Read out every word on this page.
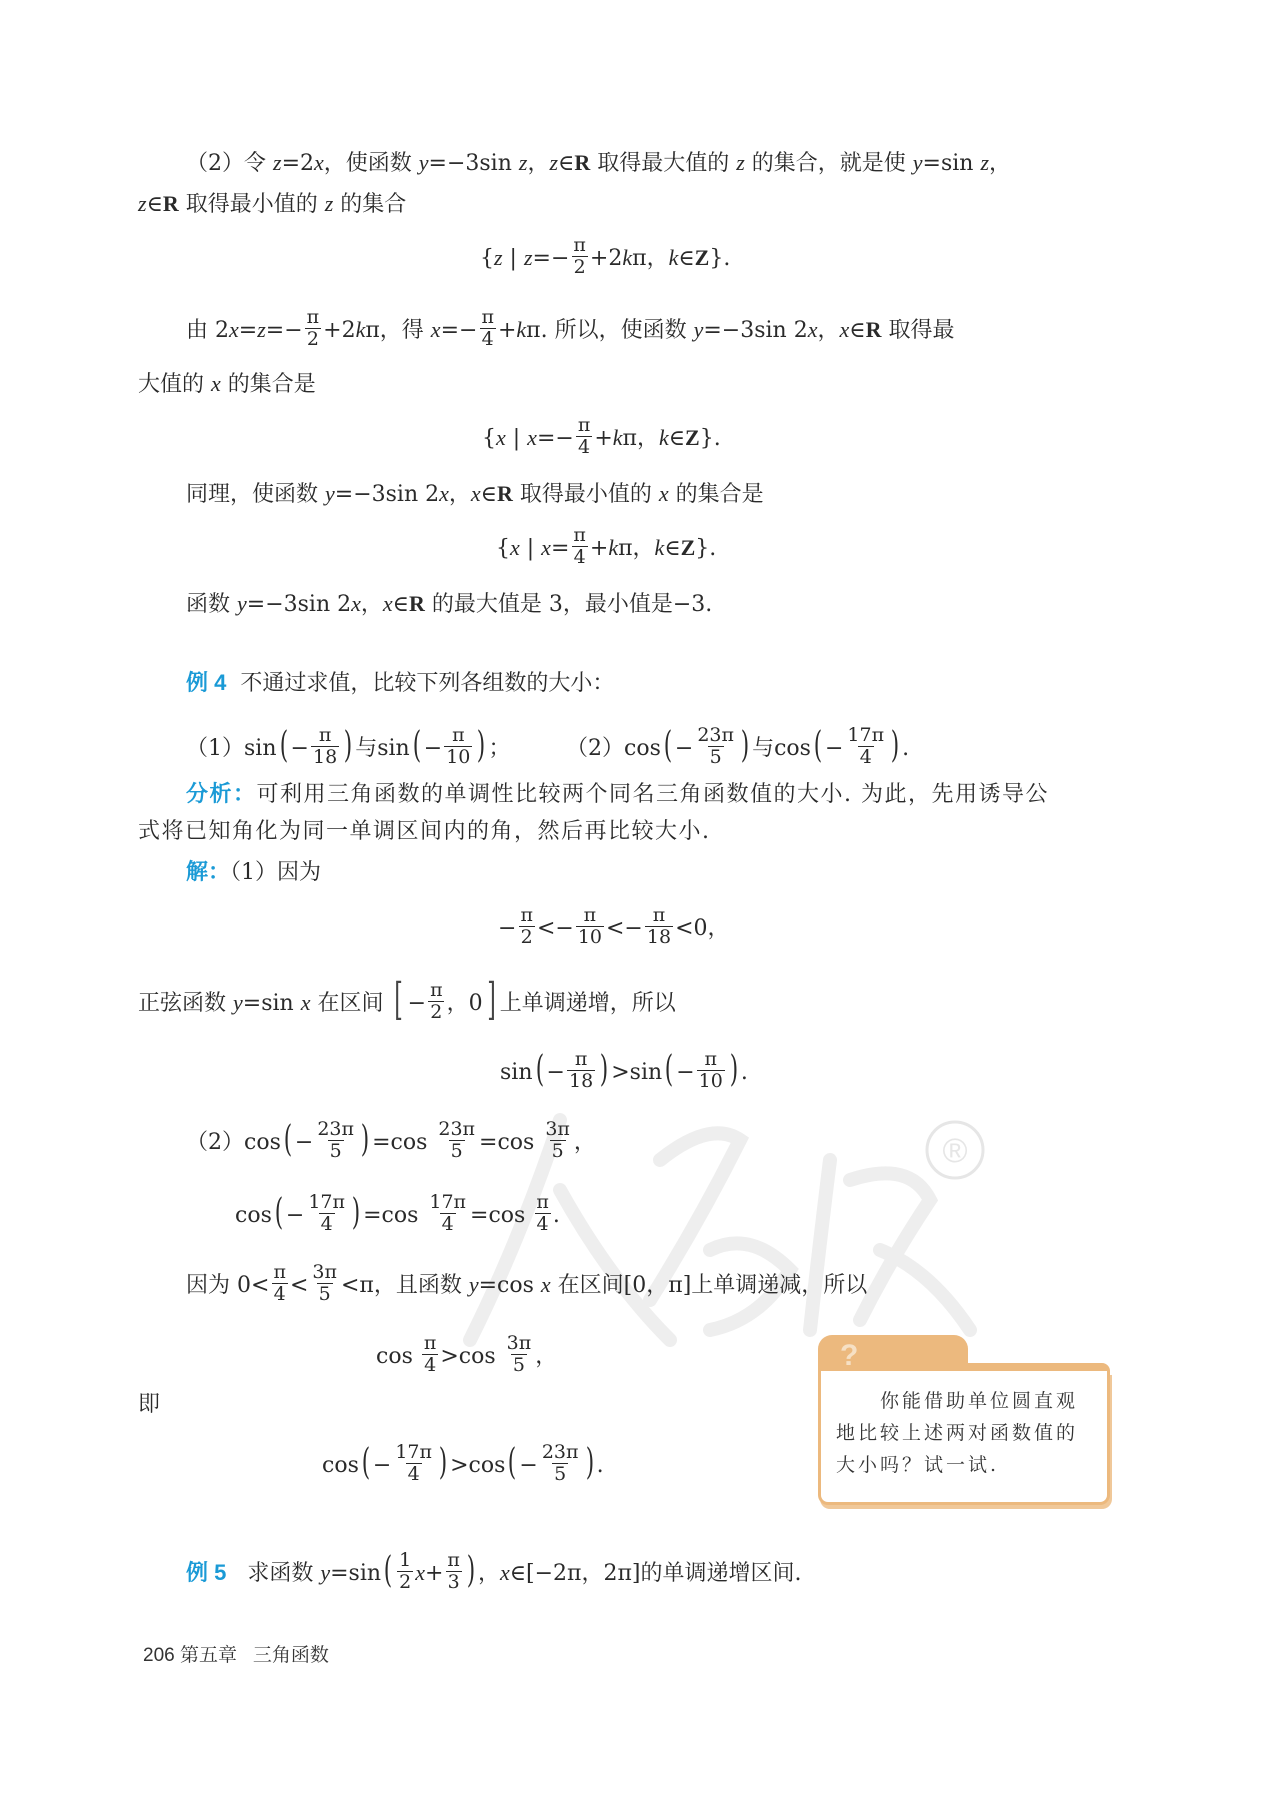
®
（2）令 z=2x，使函数 y=−3sin z，z∈R 取得最大值的 z 的集合，就是使 y=sin z，
z∈R 取得最小值的 z 的集合
{z | $z=- \frac{\pi}{2} +2k\pi$，k∈Z}.
由 $2x=z=- \frac{\pi}{2} +2k\pi$，得 $x=- \frac{\pi}{4} +k\pi$. 所以，使函数 y=−3sin 2x，x∈R 取得最
大值的 x 的集合是
{x | $x=- \frac{\pi}{4} +k\pi$，k∈Z}.
同理，使函数 y=−3sin 2x，x∈R 取得最小值的 x 的集合是
{x | $x= \frac{\pi}{4} +k\pi$，k∈Z}.
函数 y=−3sin 2x，x∈R 的最大值是 3，最小值是−3.
例 4 不通过求值，比较下列各组数的大小：
$(1)\sin( - \frac{\pi}{18}$ ) 与$\sin( - \frac{\pi}{10}$ ) ；	$(2)\cos( - \frac{23\pi}{5}$ ) 与$\cos( - \frac{17\pi}{4}$ ) .
分析：可利用三角函数的单调性比较两个同名三角函数值的大小. 为此，先用诱导公
式将已知角化为同一单调区间内的角，然后再比较大小.
解：（1）因为
− $\frac{\pi}{2} <- \frac{\pi}{10} <- \frac{\pi}{18} <0$，
正弦函数 y=sin x 在区间 [ − $\frac{\pi}{2}$ ，0] 上单调递增，所以
$\sin( - \frac{\pi}{18}$ ) $>\sin( - \frac{\pi}{10}$ ) .
$(2)\cos( - \frac{23\pi}{5}$ ) $=\cos \frac{23\pi}{5} =\cos \frac{3\pi}{5}$ ，
$\cos( - \frac{17\pi}{4}$ ) $=\cos \frac{17\pi}{4} =\cos \frac{\pi}{4}$ .
因为 $0< \frac{\pi}{4} < \frac{3\pi}{5} <\pi$，且函数 y=cos x 在区间[0，π]上单调递减，所以
$\cos \frac{\pi}{4} >\cos \frac{3\pi}{5}$ ，
即
$\cos( - \frac{17\pi}{4}$ ) $>\cos( - \frac{23\pi}{5}$ ) .
?
你能借助单位圆直观地比较上述两对函数值的大小吗？试一试.
例 5 求函数 $y=\sin( \frac{1}{2} x+ \frac{\pi}{3}$ ) ，x∈[−2π，2π]的单调递增区间.
206 第五章 三角函数
